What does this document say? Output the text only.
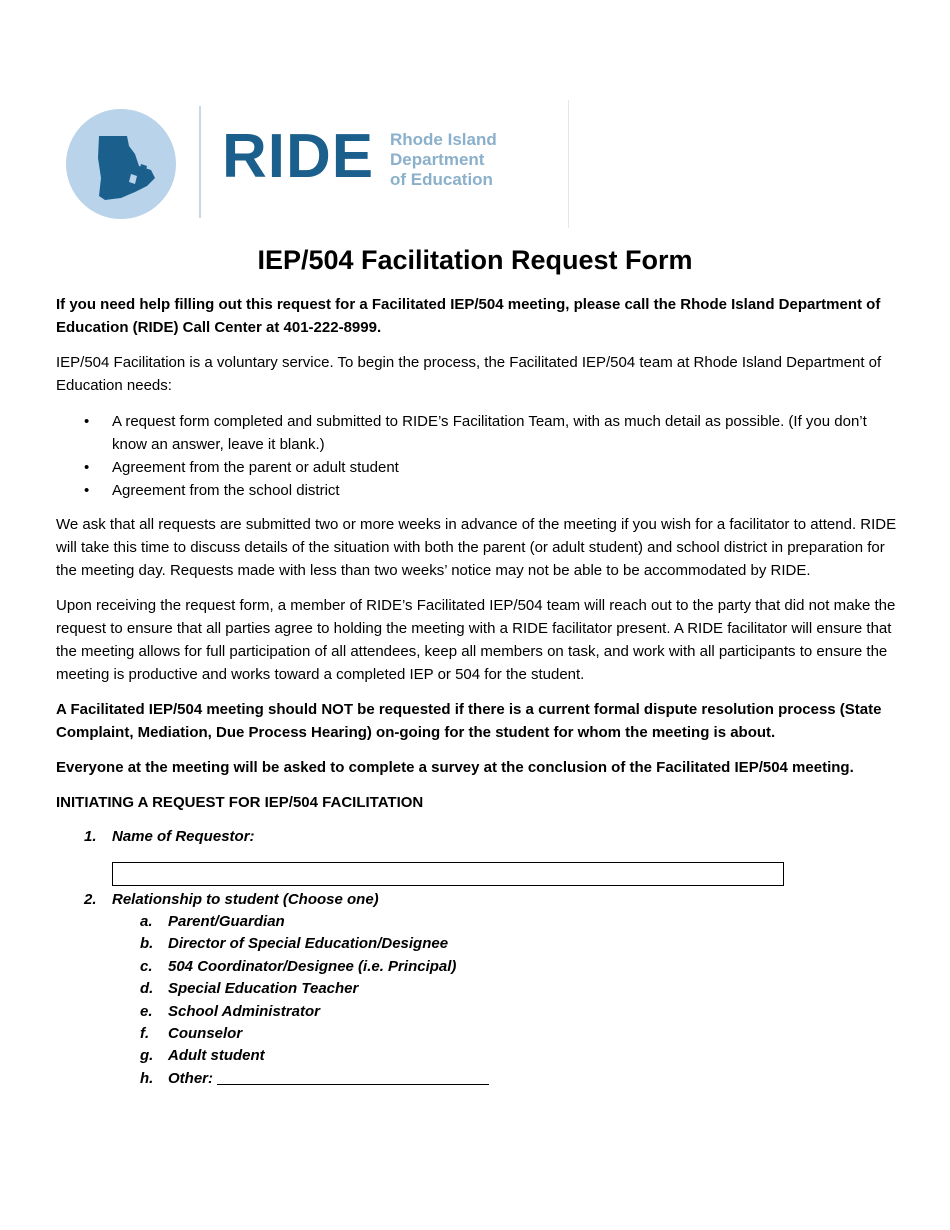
RIDE Rhode Island
Department
of Education
IEP/504 Facilitation Request Form

If you need help filling out this request for a Facilitated IEP/504 meeting, please call the Rhode Island Department of Education (RIDE) Call Center at 401-222-8999.

IEP/504 Facilitation is a voluntary service. To begin the process, the Facilitated IEP/504 team at Rhode Island Department of Education needs:

• A request form completed and submitted to RIDE’s Facilitation Team, with as much detail as possible. (If you don’t know an answer, leave it blank.)
• Agreement from the parent or adult student
• Agreement from the school district

We ask that all requests are submitted two or more weeks in advance of the meeting if you wish for a facilitator to attend. RIDE will take this time to discuss details of the situation with both the parent (or adult student) and school district in preparation for the meeting day. Requests made with less than two weeks’ notice may not be able to be accommodated by RIDE.

Upon receiving the request form, a member of RIDE’s Facilitated IEP/504 team will reach out to the party that did not make the request to ensure that all parties agree to holding the meeting with a RIDE facilitator present. A RIDE facilitator will ensure that the meeting allows for full participation of all attendees, keep all members on task, and work with all participants to ensure the meeting is productive and works toward a completed IEP or 504 for the student.

A Facilitated IEP/504 meeting should NOT be requested if there is a current formal dispute resolution process (State Complaint, Mediation, Due Process Hearing) on-going for the student for whom the meeting is about.

Everyone at the meeting will be asked to complete a survey at the conclusion of the Facilitated IEP/504 meeting.

INITIATING A REQUEST FOR IEP/504 FACILITATION

1. Name of Requestor:
2. Relationship to student (Choose one)
a. Parent/Guardian
b. Director of Special Education/Designee
c. 504 Coordinator/Designee (i.e. Principal)
d. Special Education Teacher
e. School Administrator
f. Counselor
g. Adult student
h. Other:
